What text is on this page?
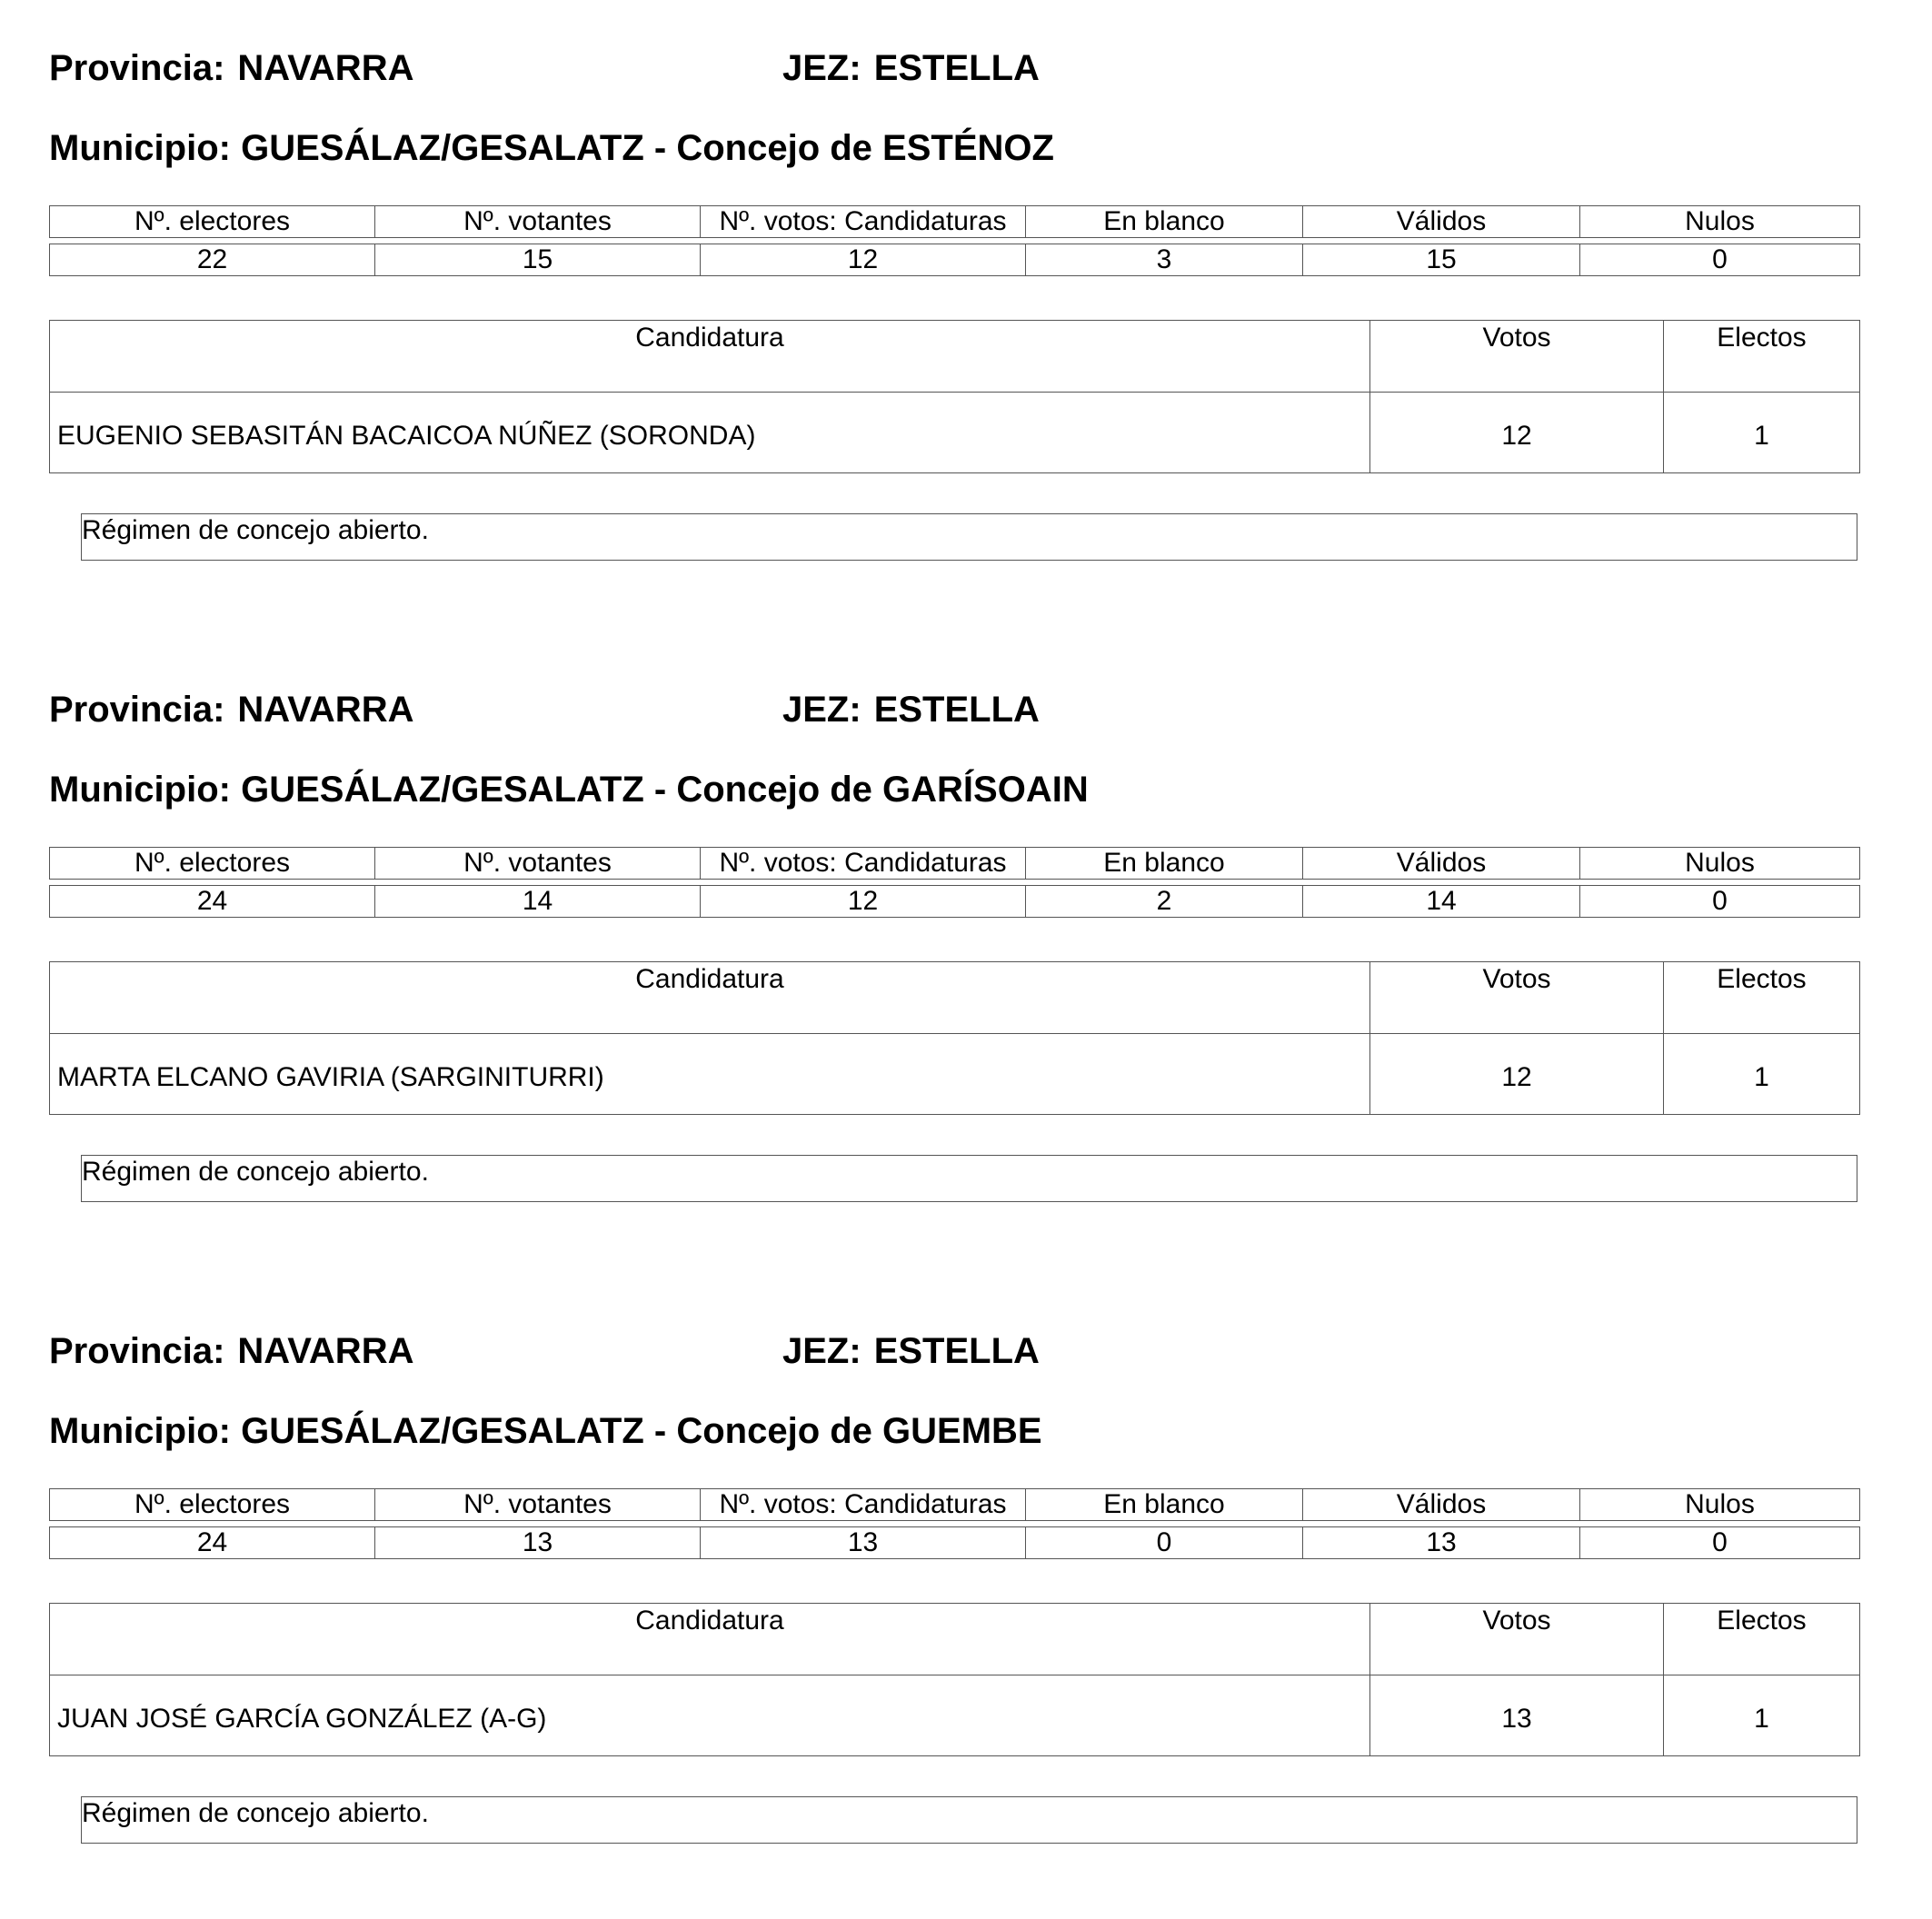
Provincia: NAVARRA	JEZ: ESTELLA
Municipio: GUESÁLAZ/GESALATZ - Concejo de ESTÉNOZ
Nº. electores	Nº. votantes	Nº. votos: Candidaturas	En blanco	Válidos	Nulos
22	15	12	3	15	0
Candidatura	Votos	Electos
EUGENIO SEBASITÁN BACAICOA NÚÑEZ (SORONDA)	12	1
Régimen de concejo abierto.
Provincia: NAVARRA	JEZ: ESTELLA
Municipio: GUESÁLAZ/GESALATZ - Concejo de GARÍSOAIN
Nº. electores	Nº. votantes	Nº. votos: Candidaturas	En blanco	Válidos	Nulos
24	14	12	2	14	0
Candidatura	Votos	Electos
MARTA ELCANO GAVIRIA (SARGINITURRI)	12	1
Régimen de concejo abierto.
Provincia: NAVARRA	JEZ: ESTELLA
Municipio: GUESÁLAZ/GESALATZ - Concejo de GUEMBE
Nº. electores	Nº. votantes	Nº. votos: Candidaturas	En blanco	Válidos	Nulos
24	13	13	0	13	0
Candidatura	Votos	Electos
JUAN JOSÉ GARCÍA GONZÁLEZ (A-G)	13	1
Régimen de concejo abierto.
